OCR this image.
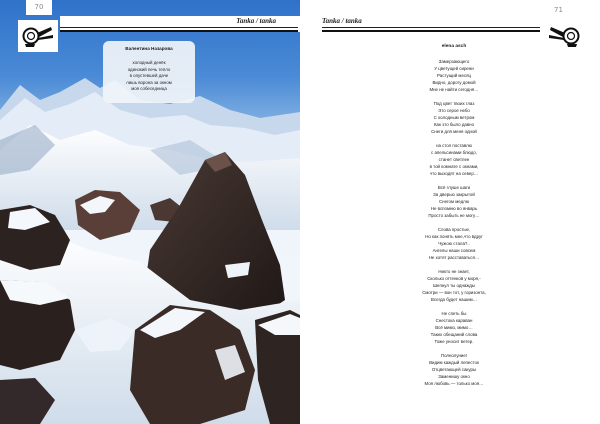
70
Tanka / tanka
Валентина Назарова
холодный денёк
одинокий печь тепло
в опустевшей даче
лишь ворона за окном
моя собеседница
Tanka / tanka
71
elena asch
Замерзающего
У цветущей сирени
Растущий месяц
Видно, дорогу домой
Мне не найти сегодня…
Под цвет твоих глаз
Это серое небо
С холодным ветром
Как это было давно
Снеги для меня одной
на стол поставлю
с апельсинами блюдо,
станет светлее
в той комнате с окнами,
что выходят на север…
Всё глуше шаги
За дверью закрытой
Снегом медлю
Не вспомню во январь
Просто забыть не могу…
Слова простые,
Но как понять мне,что вдруг
Чужою стала?..
Ангелы наши совсем
Не хотят расставаться…
Никто не знает,
Сколько оттенков у моря,-
Шепнул ты однажды
Смотри — вон тот, у горизонта,
Всегда будет нашим…
Не спеть бы
Снестока караван
Всё мимо, мимо…
Таких обещаний слова
Тоже уносит ветер.
Полнолуние!
Видим каждый лепесток
Отцветающей сакуры
Заменишу окно
Моя любовь — только моя…
